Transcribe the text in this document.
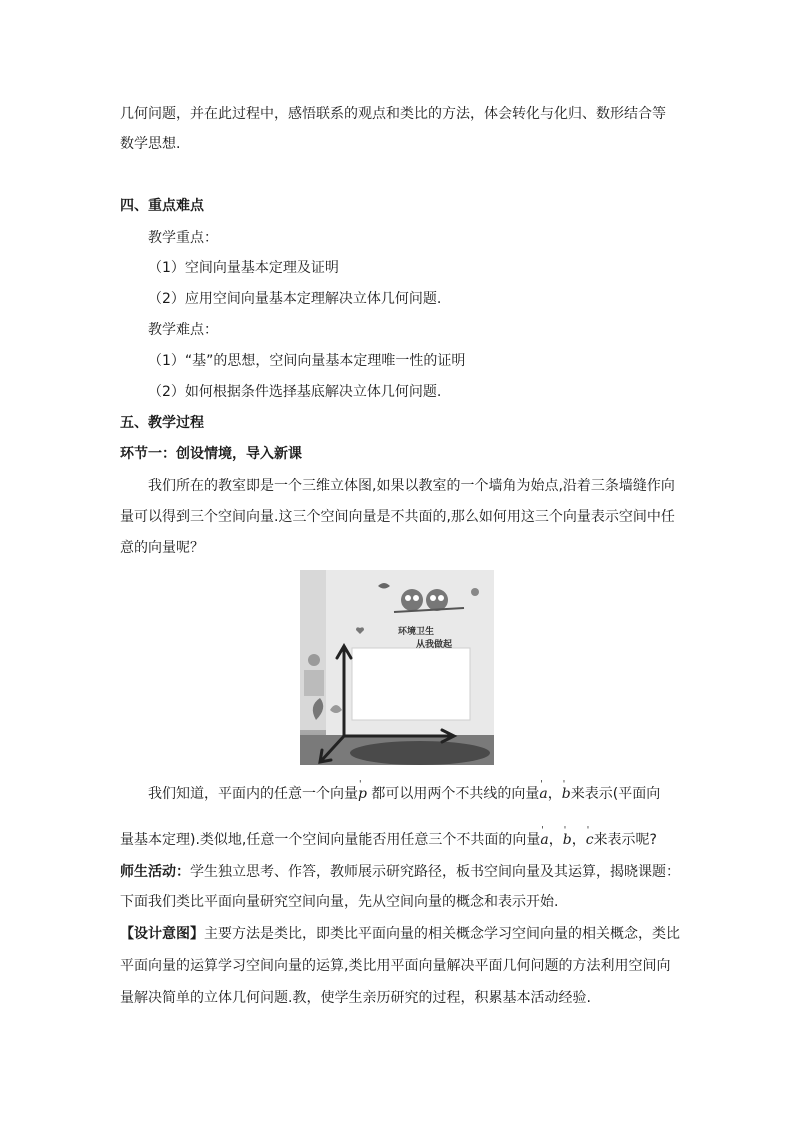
几何问题，并在此过程中，感悟联系的观点和类比的方法，体会转化与化归、数形结合等
数学思想.
四、重点难点
教学重点：
（1）空间向量基本定理及证明
（2）应用空间向量基本定理解决立体几何问题.
教学难点：
（1）“基”的思想，空间向量基本定理唯一性的证明
（2）如何根据条件选择基底解决立体几何问题.
五、教学过程
环节一：创设情境，导入新课
我们所在的教室即是一个三维立体图,如果以教室的一个墙角为始点,沿着三条墙缝作向
量可以得到三个空间向量.这三个空间向量是不共面的,那么如何用这三个向量表示空间中任
意的向量呢？
环境卫生
从我做起
我们知道，平面内的任意一个向量' p 都可以用两个不共线的向量' a，' b来表示(平面向
量基本定理).类似地,任意一个空间向量能否用任意三个不共面的向量' a，' b，' c来表示呢?
师生活动：学生独立思考、作答，教师展示研究路径，板书空间向量及其运算，揭晓课题：
下面我们类比平面向量研究空间向量，先从空间向量的概念和表示开始.
【设计意图】主要方法是类比，即类比平面向量的相关概念学习空间向量的相关概念，类比
平面向量的运算学习空间向量的运算,类比用平面向量解决平面几何问题的方法利用空间向
量解决简单的立体几何问题.教，使学生亲历研究的过程，积累基本活动经验.
